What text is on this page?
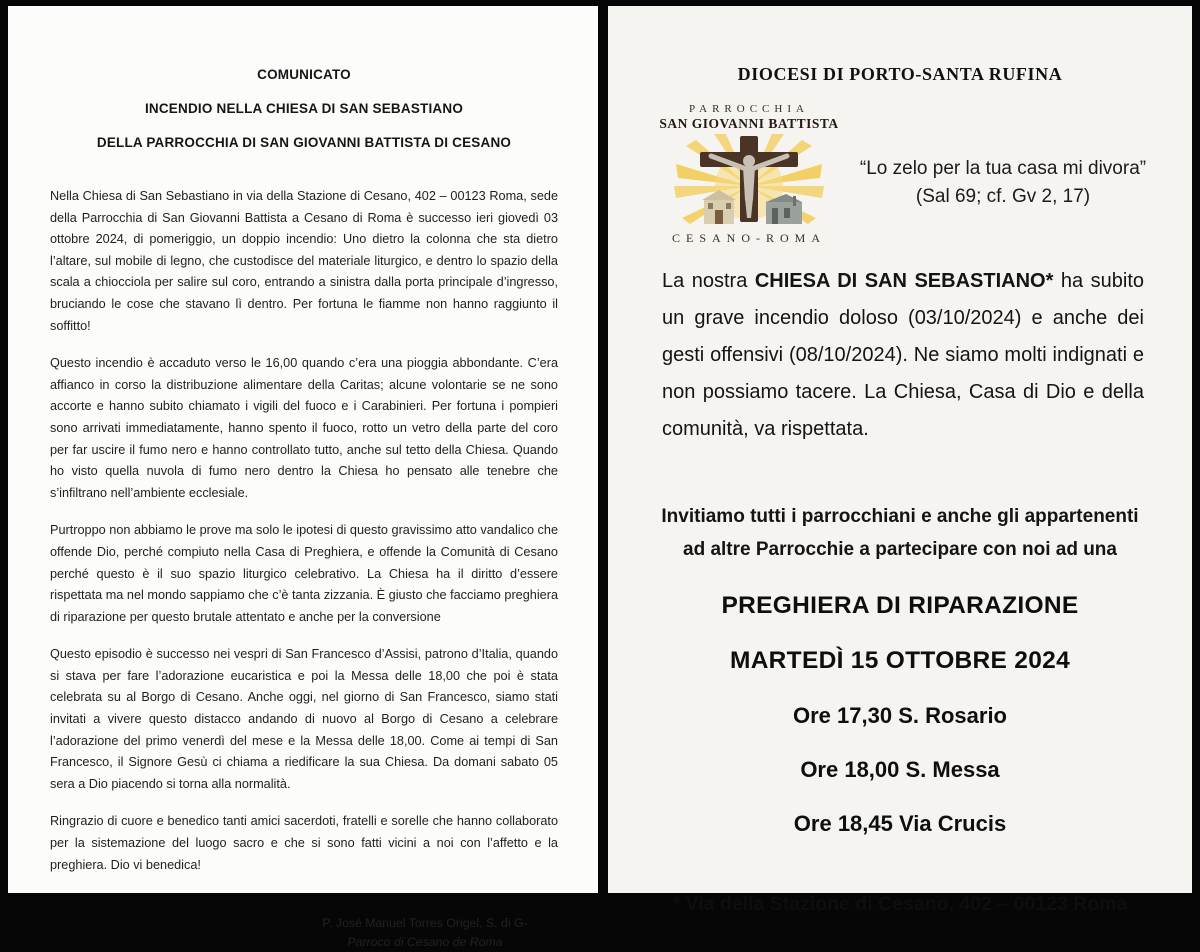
COMUNICATO
INCENDIO NELLA CHIESA DI SAN SEBASTIANO
DELLA PARROCCHIA DI SAN GIOVANNI BATTISTA DI CESANO

Nella Chiesa di San Sebastiano in via della Stazione di Cesano, 402 – 00123 Roma, sede della Parrocchia di San Giovanni Battista a Cesano di Roma è successo ieri giovedì 03 ottobre 2024, di pomeriggio, un doppio incendio: Uno dietro la colonna che sta dietro l’altare, sul mobile di legno, che custodisce del materiale liturgico, e dentro lo spazio della scala a chiocciola per salire sul coro, entrando a sinistra dalla porta principale d’ingresso, bruciando le cose che stavano lì dentro. Per fortuna le fiamme non hanno raggiunto il soffitto!

Questo incendio è accaduto verso le 16,00 quando c’era una pioggia abbondante. C’era affianco in corso la distribuzione alimentare della Caritas; alcune volontarie se ne sono accorte e hanno subito chiamato i vigili del fuoco e i Carabinieri. Per fortuna i pompieri sono arrivati immediatamente, hanno spento il fuoco, rotto un vetro della parte del coro per far uscire il fumo nero e hanno controllato tutto, anche sul tetto della Chiesa. Quando ho visto quella nuvola di fumo nero dentro la Chiesa ho pensato alle tenebre che s’infiltrano nell’ambiente ecclesiale.

Purtroppo non abbiamo le prove ma solo le ipotesi di questo gravissimo atto vandalico che offende Dio, perché compiuto nella Casa di Preghiera, e offende la Comunità di Cesano perché questo è il suo spazio liturgico celebrativo. La Chiesa ha il diritto d’essere rispettata ma nel mondo sappiamo che c’è tanta zizzania. È giusto che facciamo preghiera di riparazione per questo brutale attentato e anche per la conversione

Questo episodio è successo nei vespri di San Francesco d’Assisi, patrono d’Italia, quando si stava per fare l’adorazione eucaristica e poi la Messa delle 18,00 che poi è stata celebrata su al Borgo di Cesano. Anche oggi, nel giorno di San Francesco, siamo stati invitati a vivere questo distacco andando di nuovo al Borgo di Cesano a celebrare l’adorazione del primo venerdì del mese e la Messa delle 18,00. Come ai tempi di San Francesco, il Signore Gesù ci chiama a riedificare la sua Chiesa. Da domani sabato 05 sera a Dio piacendo si torna alla normalità.

Ringrazio di cuore e benedico tanti amici sacerdoti, fratelli e sorelle che hanno collaborato per la sistemazione del luogo sacro e che si sono fatti vicini a noi con l’affetto e la preghiera. Dio vi benedica!

P. José Manuel Torres Origel, S. di G-
Parroco di Cesano de Roma
DIOCESI DI PORTO-SANTA RUFINA
PARROCCHIA
SAN GIOVANNI BATTISTA
CESANO-ROMA
“Lo zelo per la tua casa mi divora”
(Sal 69; cf. Gv 2, 17)
La nostra CHIESA DI SAN SEBASTIANO* ha subito un grave incendio doloso (03/10/2024) e anche dei gesti offensivi (08/10/2024). Ne siamo molti indignati e non possiamo tacere. La Chiesa, Casa di Dio e della comunità, va rispettata.
Invitiamo tutti i parrocchiani e anche gli appartenenti
ad altre Parrocchie a partecipare con noi ad una
PREGHIERA DI RIPARAZIONE
MARTEDÌ 15 OTTOBRE 2024
Ore 17,30 S. Rosario
Ore 18,00 S. Messa
Ore 18,45 Via Crucis
* Via della Stazione di Cesano, 402 – 00123 Roma
